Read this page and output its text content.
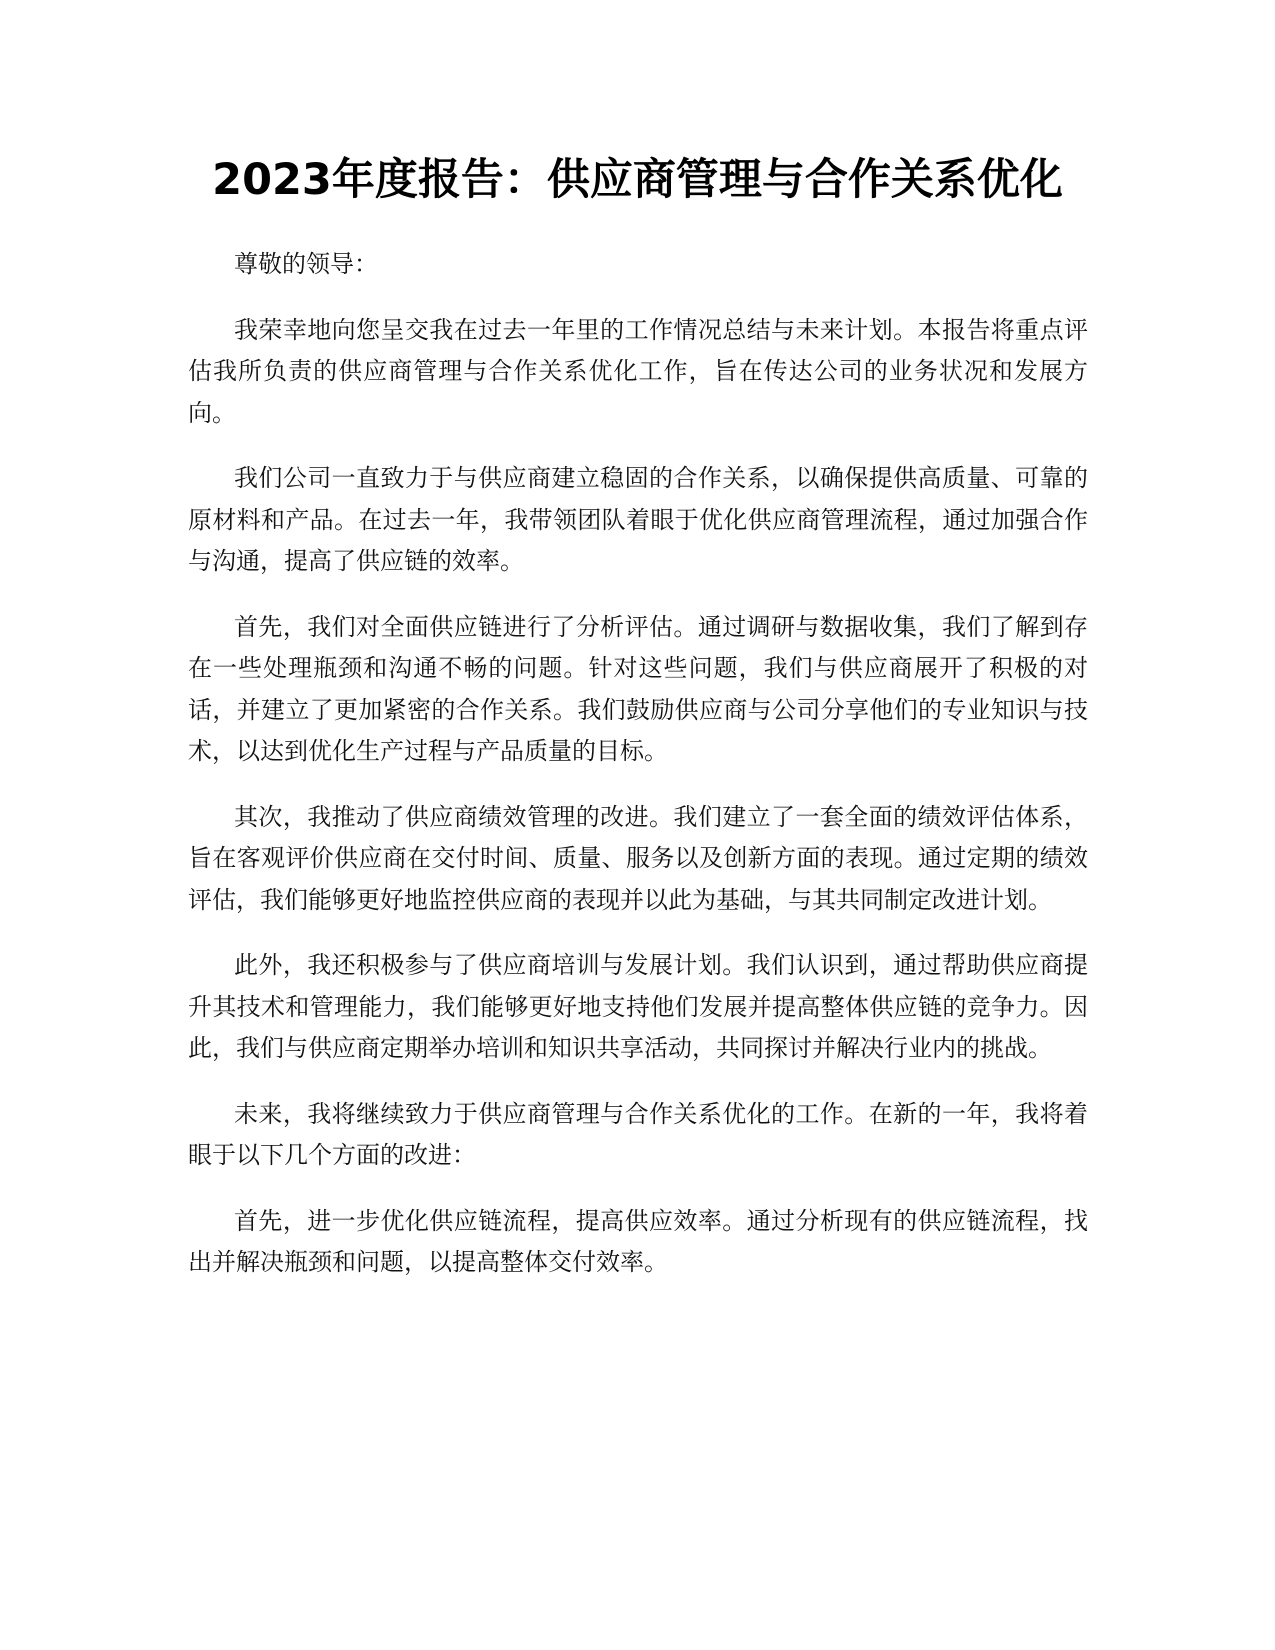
2023年度报告：供应商管理与合作关系优化

尊敬的领导：

我荣幸地向您呈交我在过去一年里的工作情况总结与未来计划。本报告将重点评估我所负责的供应商管理与合作关系优化工作，旨在传达公司的业务状况和发展方向。

我们公司一直致力于与供应商建立稳固的合作关系，以确保提供高质量、可靠的原材料和产品。在过去一年，我带领团队着眼于优化供应商管理流程，通过加强合作与沟通，提高了供应链的效率。

首先，我们对全面供应链进行了分析评估。通过调研与数据收集，我们了解到存在一些处理瓶颈和沟通不畅的问题。针对这些问题，我们与供应商展开了积极的对话，并建立了更加紧密的合作关系。我们鼓励供应商与公司分享他们的专业知识与技术，以达到优化生产过程与产品质量的目标。

其次，我推动了供应商绩效管理的改进。我们建立了一套全面的绩效评估体系，旨在客观评价供应商在交付时间、质量、服务以及创新方面的表现。通过定期的绩效评估，我们能够更好地监控供应商的表现并以此为基础，与其共同制定改进计划。

此外，我还积极参与了供应商培训与发展计划。我们认识到，通过帮助供应商提升其技术和管理能力，我们能够更好地支持他们发展并提高整体供应链的竞争力。因此，我们与供应商定期举办培训和知识共享活动，共同探讨并解决行业内的挑战。

未来，我将继续致力于供应商管理与合作关系优化的工作。在新的一年，我将着眼于以下几个方面的改进：

首先，进一步优化供应链流程，提高供应效率。通过分析现有的供应链流程，找出并解决瓶颈和问题，以提高整体交付效率。
